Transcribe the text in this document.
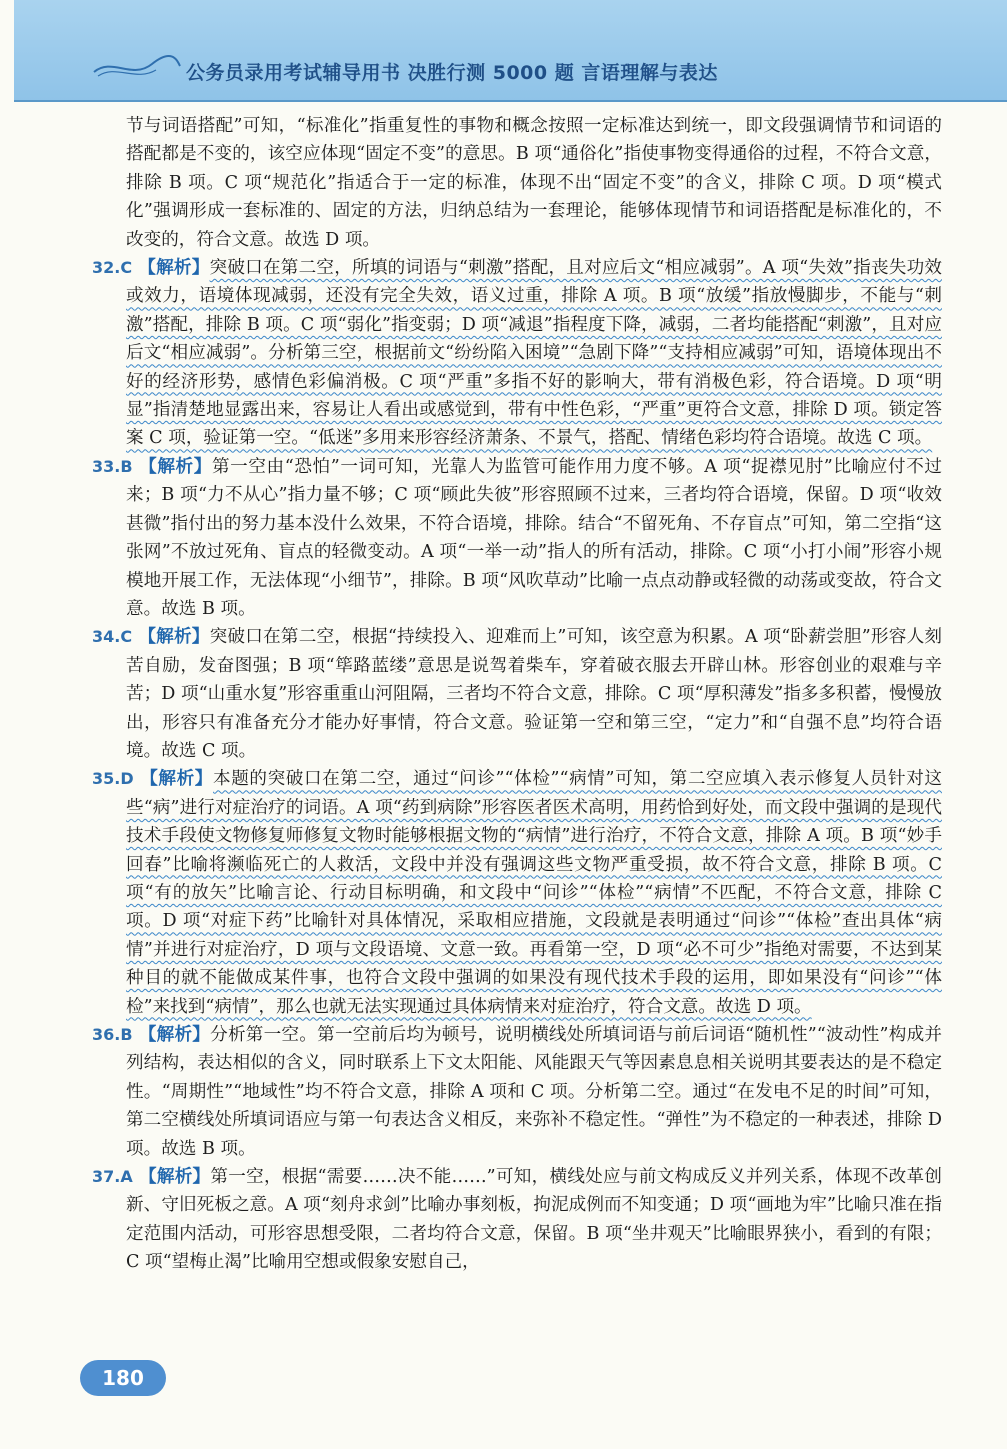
公务员录用考试辅导用书 决胜行测 5000 题 言语理解与表达

节与词语搭配”可知，“标准化”指重复性的事物和概念按照一定标准达到统一，即文段强调情节和词语的搭配都是不变的，该空应体现“固定不变”的意思。B 项“通俗化”指使事物变得通俗的过程，不符合文意，排除 B 项。C 项“规范化”指适合于一定的标准，体现不出“固定不变”的含义，排除 C 项。D 项“模式化”强调形成一套标准的、固定的方法，归纳总结为一套理论，能够体现情节和词语搭配是标准化的，不改变的，符合文意。故选 D 项。

32.C 【解析】突破口在第二空，所填的词语与“刺激”搭配，且对应后文“相应减弱”。A 项“失效”指丧失功效或效力，语境体现减弱，还没有完全失效，语义过重，排除 A 项。B 项“放缓”指放慢脚步，不能与“刺激”搭配，排除 B 项。C 项“弱化”指变弱；D 项“减退”指程度下降，减弱，二者均能搭配“刺激”，且对应后文“相应减弱”。分析第三空，根据前文“纷纷陷入困境”“急剧下降”“支持相应减弱”可知，语境体现出不好的经济形势，感情色彩偏消极。C 项“严重”多指不好的影响大，带有消极色彩，符合语境。D 项“明显”指清楚地显露出来，容易让人看出或感觉到，带有中性色彩，“严重”更符合文意，排除 D 项。锁定答案 C 项，验证第一空。“低迷”多用来形容经济萧条、不景气，搭配、情绪色彩均符合语境。故选 C 项。

33.B 【解析】第一空由“恐怕”一词可知，光靠人为监管可能作用力度不够。A 项“捉襟见肘”比喻应付不过来；B 项“力不从心”指力量不够；C 项“顾此失彼”形容照顾不过来，三者均符合语境，保留。D 项“收效甚微”指付出的努力基本没什么效果，不符合语境，排除。结合“不留死角、不存盲点”可知，第二空指“这张网”不放过死角、盲点的轻微变动。A 项“一举一动”指人的所有活动，排除。C 项“小打小闹”形容小规模地开展工作，无法体现“小细节”，排除。B 项“风吹草动”比喻一点点动静或轻微的动荡或变故，符合文意。故选 B 项。

34.C 【解析】突破口在第二空，根据“持续投入、迎难而上”可知，该空意为积累。A 项“卧薪尝胆”形容人刻苦自励，发奋图强；B 项“筚路蓝缕”意思是说驾着柴车，穿着破衣服去开辟山林。形容创业的艰难与辛苦；D 项“山重水复”形容重重山河阻隔，三者均不符合文意，排除。C 项“厚积薄发”指多多积蓄，慢慢放出，形容只有准备充分才能办好事情，符合文意。验证第一空和第三空，“定力”和“自强不息”均符合语境。故选 C 项。

35.D 【解析】本题的突破口在第二空，通过“问诊”“体检”“病情”可知，第二空应填入表示修复人员针对这些“病”进行对症治疗的词语。A 项“药到病除”形容医者医术高明，用药恰到好处，而文段中强调的是现代技术手段使文物修复师修复文物时能够根据文物的“病情”进行治疗，不符合文意，排除 A 项。B 项“妙手回春”比喻将濒临死亡的人救活，文段中并没有强调这些文物严重受损，故不符合文意，排除 B 项。C 项“有的放矢”比喻言论、行动目标明确，和文段中“问诊”“体检”“病情”不匹配，不符合文意，排除 C 项。D 项“对症下药”比喻针对具体情况，采取相应措施，文段就是表明通过“问诊”“体检”查出具体“病情”并进行对症治疗，D 项与文段语境、文意一致。再看第一空，D 项“必不可少”指绝对需要，不达到某种目的就不能做成某件事，也符合文段中强调的如果没有现代技术手段的运用，即如果没有“问诊”“体检”来找到“病情”，那么也就无法实现通过具体病情来对症治疗，符合文意。故选 D 项。

36.B 【解析】分析第一空。第一空前后均为顿号，说明横线处所填词语与前后词语“随机性”“波动性”构成并列结构，表达相似的含义，同时联系上下文太阳能、风能跟天气等因素息息相关说明其要表达的是不稳定性。“周期性”“地域性”均不符合文意，排除 A 项和 C 项。分析第二空。通过“在发电不足的时间”可知，第二空横线处所填词语应与第一句表达含义相反，来弥补不稳定性。“弹性”为不稳定的一种表述，排除 D 项。故选 B 项。

37.A 【解析】第一空，根据“需要……决不能……”可知，横线处应与前文构成反义并列关系，体现不改革创新、守旧死板之意。A 项“刻舟求剑”比喻办事刻板，拘泥成例而不知变通；D 项“画地为牢”比喻只准在指定范围内活动，可形容思想受限，二者均符合文意，保留。B 项“坐井观天”比喻眼界狭小，看到的有限；C 项“望梅止渴”比喻用空想或假象安慰自己，

180
